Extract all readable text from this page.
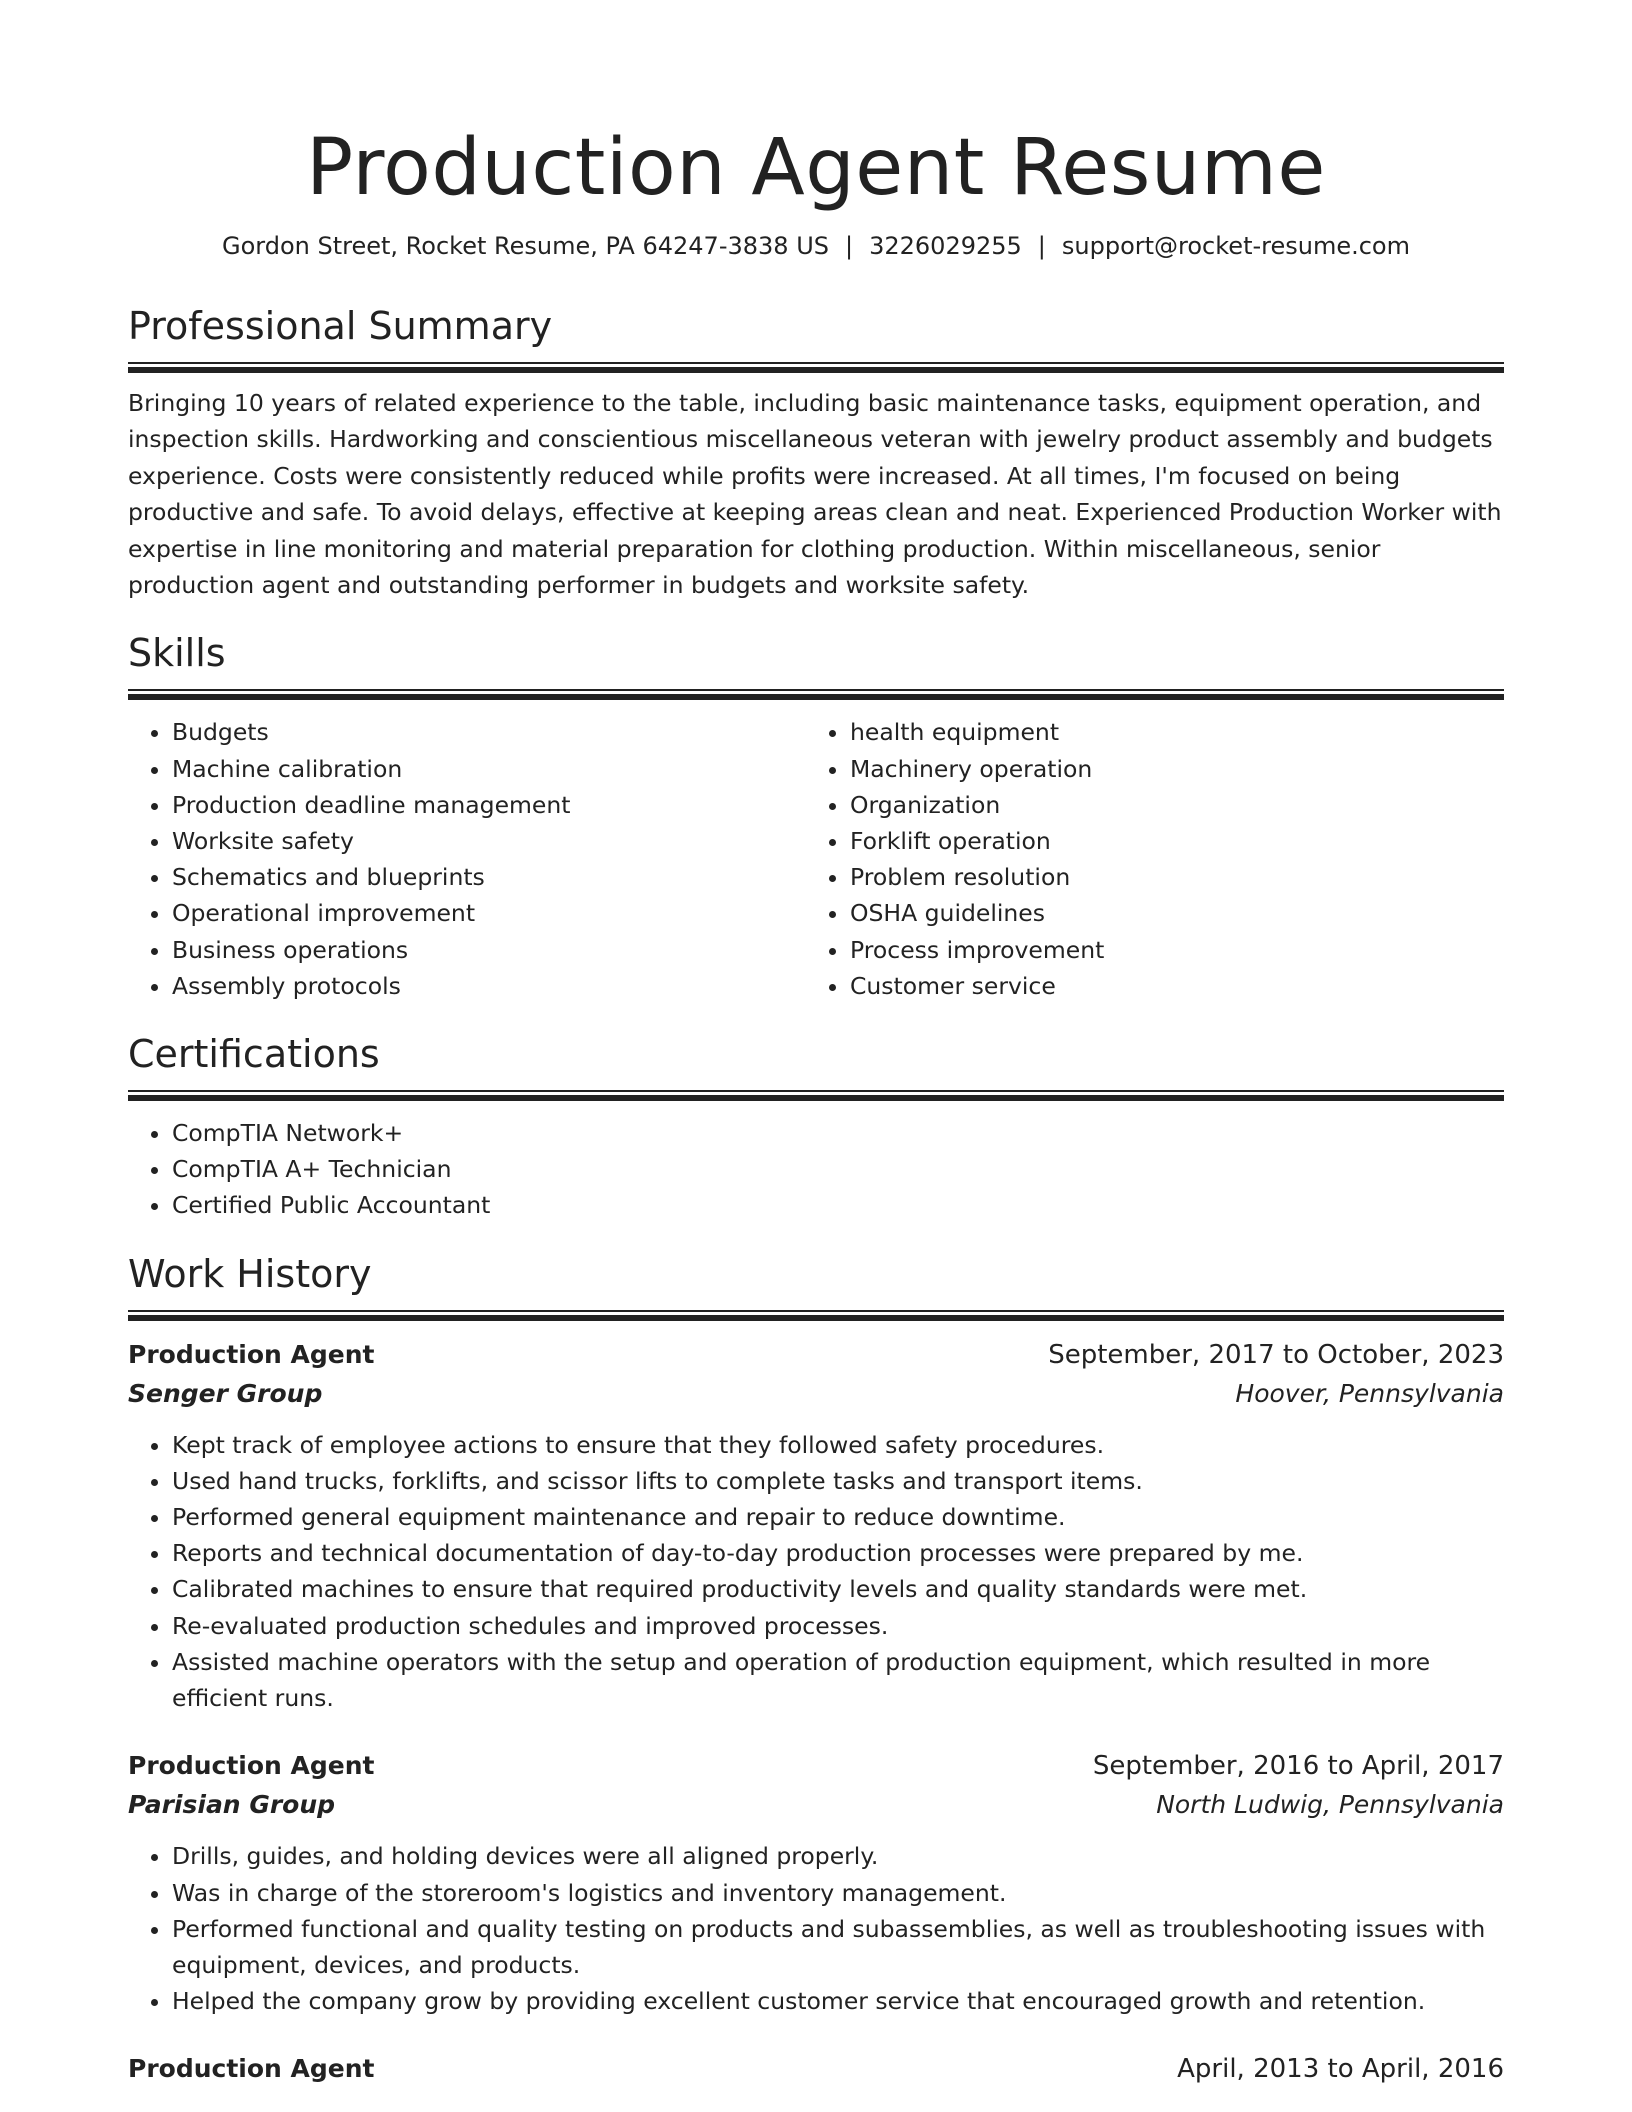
Production Agent Resume
Gordon Street, Rocket Resume, PA 64247-3838 US | 3226029255 | support@rocket-resume.com
Professional Summary

Bringing 10 years of related experience to the table, including basic maintenance tasks, equipment operation, and inspection skills. Hardworking and conscientious miscellaneous veteran with jewelry product assembly and budgets experience. Costs were consistently reduced while profits were increased. At all times, I'm focused on being productive and safe. To avoid delays, effective at keeping areas clean and neat. Experienced Production Worker with expertise in line monitoring and material preparation for clothing production. Within miscellaneous, senior production agent and outstanding performer in budgets and worksite safety.

Skills
• Budgets
• Machine calibration
• Production deadline management
• Worksite safety
• Schematics and blueprints
• Operational improvement
• Business operations
• Assembly protocols
• health equipment
• Machinery operation
• Organization
• Forklift operation
• Problem resolution
• OSHA guidelines
• Process improvement
• Customer service
Certifications
• CompTIA Network+
• CompTIA A+ Technician
• Certified Public Accountant
Work History
Production Agent	September, 2017 to October, 2023
Senger Group	Hoover, Pennsylvania
• Kept track of employee actions to ensure that they followed safety procedures.
• Used hand trucks, forklifts, and scissor lifts to complete tasks and transport items.
• Performed general equipment maintenance and repair to reduce downtime.
• Reports and technical documentation of day-to-day production processes were prepared by me.
• Calibrated machines to ensure that required productivity levels and quality standards were met.
• Re-evaluated production schedules and improved processes.
• Assisted machine operators with the setup and operation of production equipment, which resulted in more efficient runs.
Production Agent	September, 2016 to April, 2017
Parisian Group	North Ludwig, Pennsylvania
• Drills, guides, and holding devices were all aligned properly.
• Was in charge of the storeroom's logistics and inventory management.
• Performed functional and quality testing on products and subassemblies, as well as troubleshooting issues with equipment, devices, and products.
• Helped the company grow by providing excellent customer service that encouraged growth and retention.
Production Agent	April, 2013 to April, 2016
